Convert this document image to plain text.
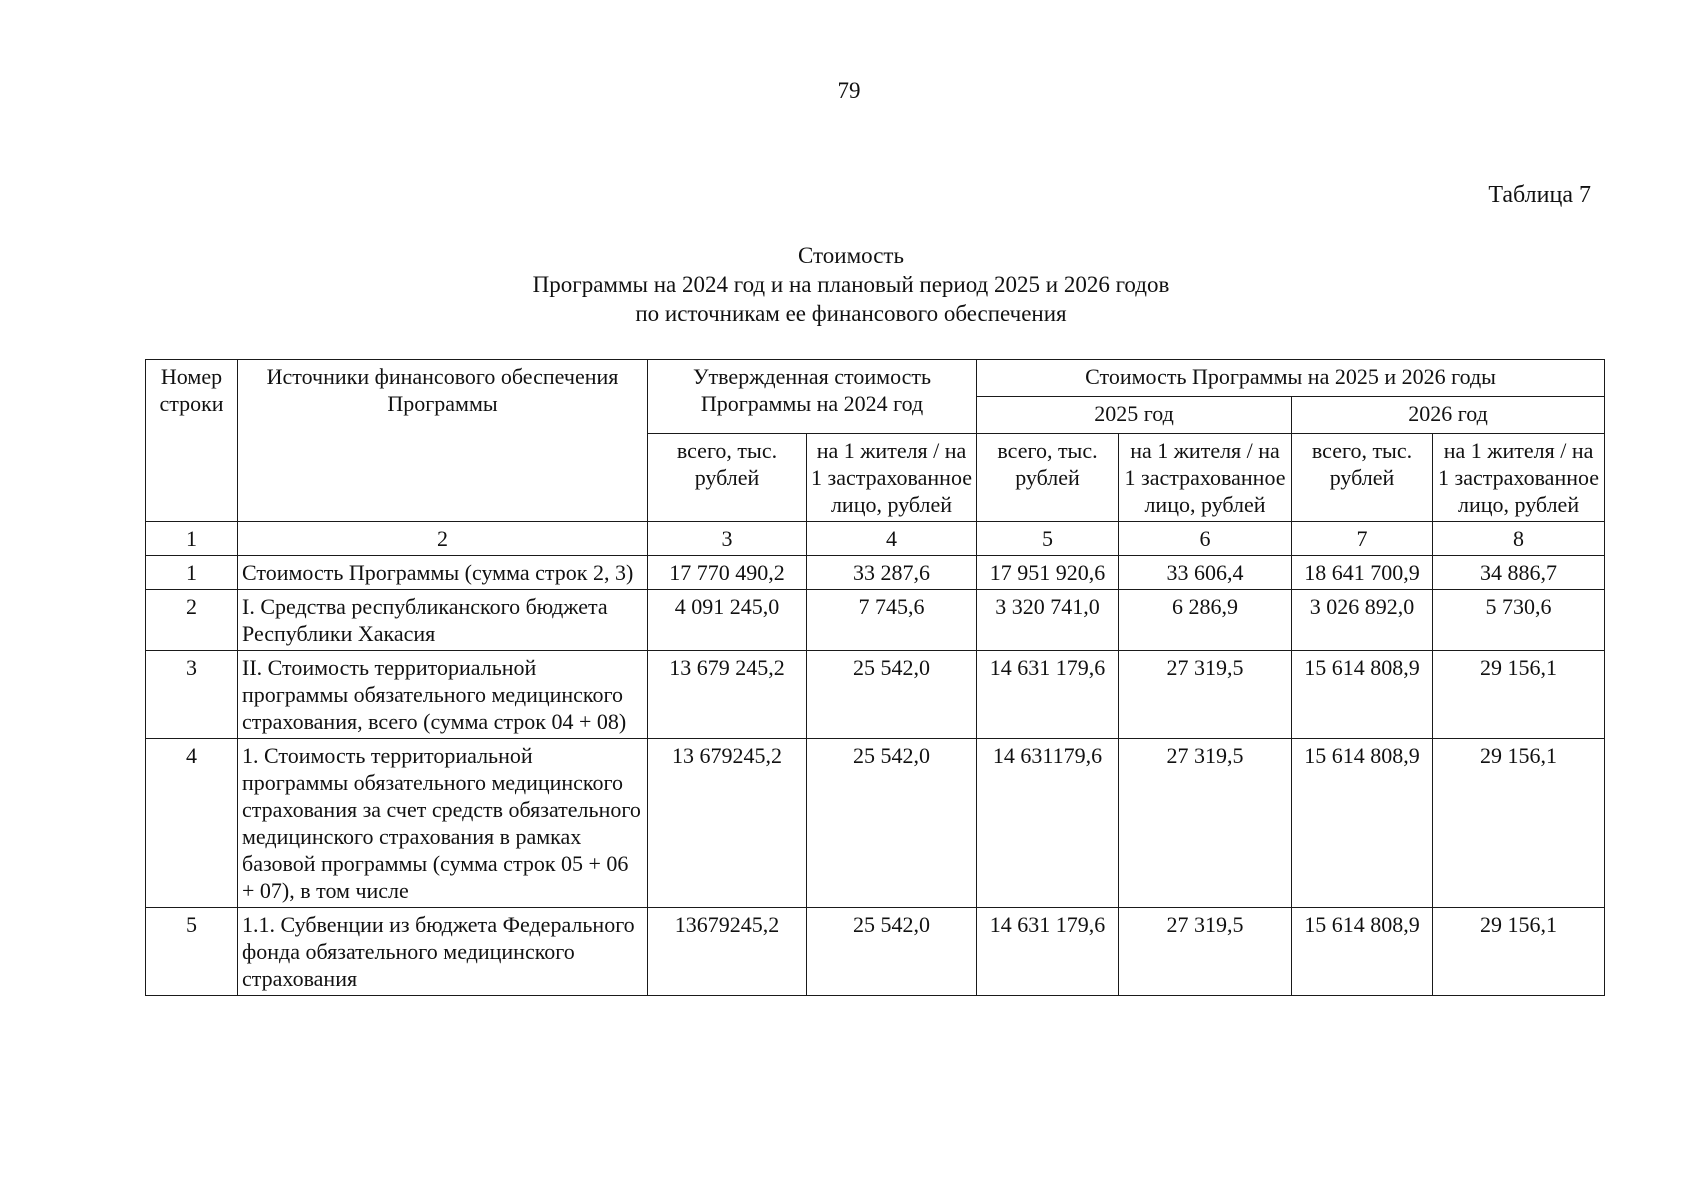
79
Таблица 7
Стоимость
Программы на 2024 год и на плановый период 2025 и 2026 годов
по источникам ее финансового обеспечения
Номер строки	Источники финансового обеспечения Программы	Утвержденная стоимость Программы на 2024 год		Стоимость Программы на 2025 и 2026 годы			
				2025 год		2026 год	
		всего, тыс. рублей	на 1 жителя / на 1 застрахованное лицо, рублей	всего, тыс. рублей	на 1 жителя / на 1 застрахованное лицо, рублей	всего, тыс. рублей	на 1 жителя / на 1 застрахованное лицо, рублей
1	2	3	4	5	6	7	8
1	Стоимость Программы (сумма строк 2, 3)	17 770 490,2	33 287,6	17 951 920,6	33 606,4	18 641 700,9	34 886,7
2	I. Средства республиканского бюджета Республики Хакасия	4 091 245,0	7 745,6	3 320 741,0	6 286,9	3 026 892,0	5 730,6
3	II. Стоимость территориальной программы обязательного медицинского страхования, всего (сумма строк 04 + 08)	13 679 245,2	25 542,0	14 631 179,6	27 319,5	15 614 808,9	29 156,1
4	1. Стоимость территориальной программы обязательного медицинского страхования за счет средств обязательного медицинского страхования в рамках базовой программы (сумма строк 05 + 06 + 07), в том числе	13 679245,2	25 542,0	14 631179,6	27 319,5	15 614 808,9	29 156,1
5	1.1. Субвенции из бюджета Федерального фонда обязательного медицинского страхования	13679245,2	25 542,0	14 631 179,6	27 319,5	15 614 808,9	29 156,1
